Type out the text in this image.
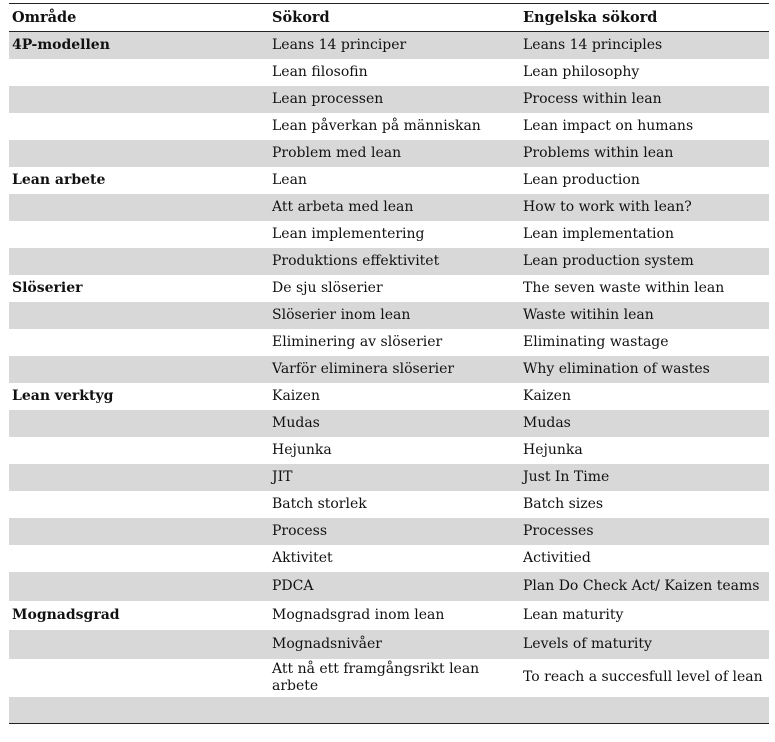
Område	Sökord	Engelska sökord
4P-modellen	Leans 14 principer	Leans 14 principles
	Lean filosofin	Lean philosophy
	Lean processen	Process within lean
	Lean påverkan på människan	Lean impact on humans
	Problem med lean	Problems within lean
Lean arbete	Lean	Lean production
	Att arbeta med lean	How to work with lean?
	Lean implementering	Lean implementation
	Produktions effektivitet	Lean production system
Slöserier	De sju slöserier	The seven waste within lean
	Slöserier inom lean	Waste witihin lean
	Eliminering av slöserier	Eliminating wastage
	Varför eliminera slöserier	Why elimination of wastes
Lean verktyg	Kaizen	Kaizen
	Mudas	Mudas
	Hejunka	Hejunka
	JIT	Just In Time
	Batch storlek	Batch sizes
	Process	Processes
	Aktivitet	Activitied
	PDCA	Plan Do Check Act/ Kaizen teams
Mognadsgrad	Mognadsgrad inom lean	Lean maturity
	Mognadsnivåer	Levels of maturity
	Att nå ett framgångsrikt lean arbete	To reach a succesfull level of lean
